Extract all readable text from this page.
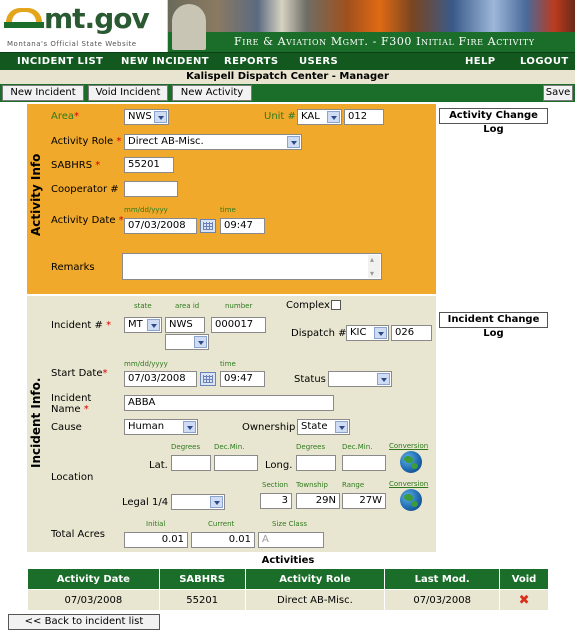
mt.gov
Montana's Official State Website	Fire & Aviation Mgmt. - F300 Initial Fire Activity
INCIDENT LIST NEW INCIDENT REPORTS USERS	HELP LOGOUT
Kalispell Dispatch Center - Manager
New Incident	Void Incident	New Activity	Save
Activity Info
Area*	NWS	Unit # KAL	012	Activity Change Log
Activity Role * Direct AB-Misc.
SABHRS *	55201
Cooperator #
mm/dd/yyyy	time
Activity Date * 07/03/2008	09:47
Remarks
▴ ▾
Incident Info.
state	area id	number	Complex
Incident Change Log
Incident # *	MT	NWS	000017
Dispatch # KIC	026
mm/dd/yyyy	time
Start Date*	07/03/2008	09:47	Status
Incident
Name *
ABBA
Cause	Human	Ownership State
Degrees Dec.Min.	Degrees Dec.Min. Conversion
Lat.	Long.
Location
Section Township Range	Conversion
Legal 1/4	3	29N	27W
Initial	Current	Size Class
Total Acres	0.01	0.01	A
Activities
Activity Date	SABHRS	Activity Role	Last Mod.	Void
07/03/2008	55201	Direct AB-Misc.	07/03/2008	✖
<< Back to incident list
